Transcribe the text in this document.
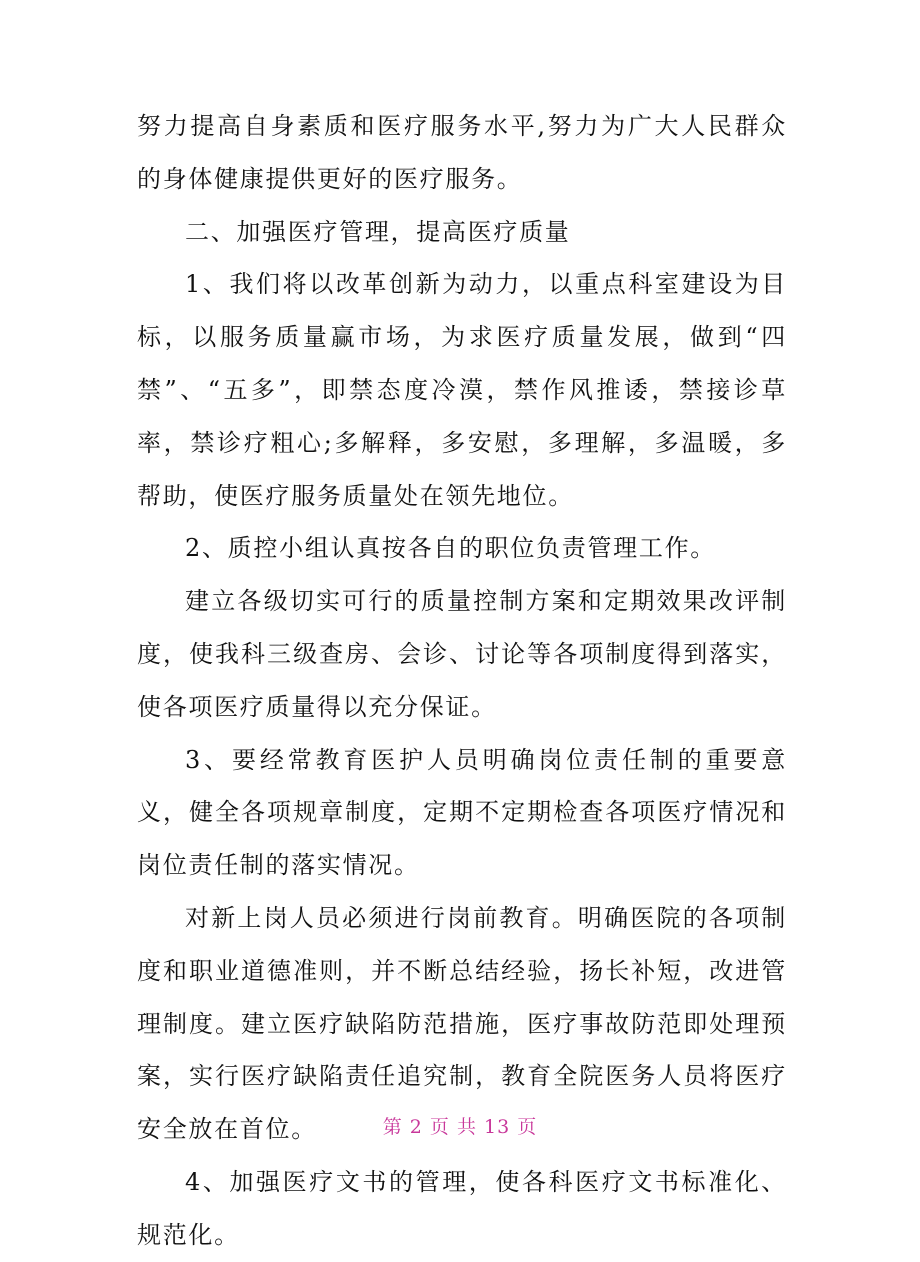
努力提高自身素质和医疗服务水平,努力为广大人民群众的身体健康提供更好的医疗服务。

二、加强医疗管理，提高医疗质量

1、我们将以改革创新为动力，以重点科室建设为目标，以服务质量赢市场，为求医疗质量发展，做到“四禁”、“五多”，即禁态度冷漠，禁作风推诿，禁接诊草率，禁诊疗粗心;多解释，多安慰，多理解，多温暖，多帮助，使医疗服务质量处在领先地位。

2、质控小组认真按各自的职位负责管理工作。

建立各级切实可行的质量控制方案和定期效果改评制度，使我科三级查房、会诊、讨论等各项制度得到落实，使各项医疗质量得以充分保证。

3、要经常教育医护人员明确岗位责任制的重要意义，健全各项规章制度，定期不定期检查各项医疗情况和岗位责任制的落实情况。

对新上岗人员必须进行岗前教育。明确医院的各项制度和职业道德准则，并不断总结经验，扬长补短，改进管理制度。建立医疗缺陷防范措施，医疗事故防范即处理预案，实行医疗缺陷责任追究制，教育全院医务人员将医疗安全放在首位。

4、加强医疗文书的管理，使各科医疗文书标准化、规范化。

第 2 页 共 13 页
